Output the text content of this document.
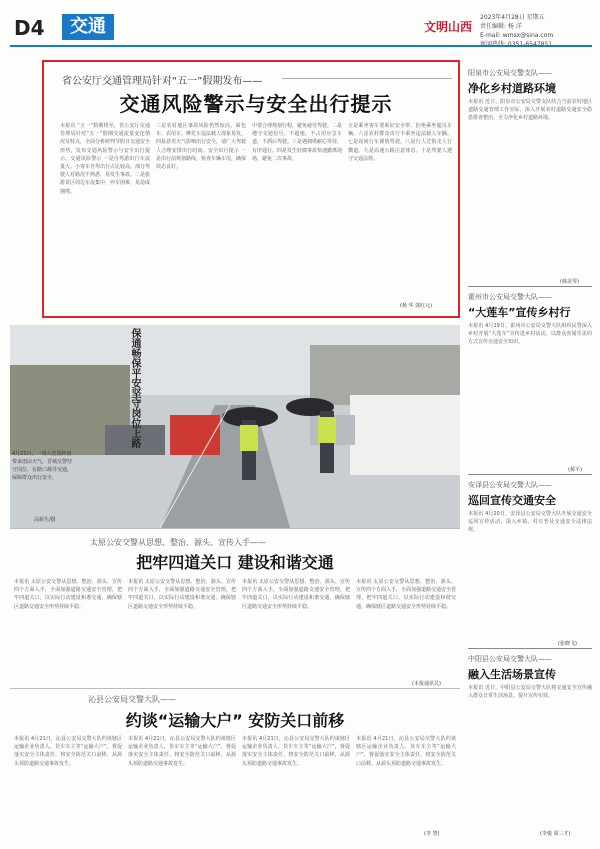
D4	交通	文明山西
2023年4月28日 星期五
责任编辑: 杨 洋
E-mail: wmsx@sina.com
省公安厅交通管理局针对“五一”假期发布——
交通风险警示与安全出行提示
本报讯 “五一”假期将至，省公安厅交通管理局针对“五一”假期交通流量变化情况及特点，全面分析研判节假日交通安全形势，发布交通风险警示与安全出行提示。交通风险警示 一是自驾游出行车流量大。小客车自驾出行占比较高，部分驾驶人对路况不熟悉，易发生事故。二是旅游景区周边车流集中，停车困难，易造成拥堵。
三是农村地区事故风险仍然较高。面包车、农用车、摩托车违法载人现象易发。四是恶劣天气影响出行安全，请广大驾驶人合理安排出行时间。安全出行提示 一是出行前规划路线，检查车辆车况，确保状态良好。
中要合理规划行程，避免疲劳驾驶。二是遵守交通信号，不超速、不占用应急车道、不酒后驾驶。三是遇拥堵耐心等待，有序通行。四是发生轻微事故快速撤离现场，避免二次事故。
五是乘坐客车要系好安全带，拒绝乘坐超员车辆。六是农村群众出行不乘坐违法载人车辆。七是夜间行车谨慎驾驶。八是行人过街走人行横道。九是高速公路注意休息。十是驾驶人遵守交通法规。
(杨 华 郭红元)
保通畅保平安坚守岗位上路
4月21日，一场大范围降雨带来雨凉天气，晋城交警坚守岗位，在路口疏导交通，保障群众出行安全。
高新生/摄
太原公安交警从思想、整治、源头、宣传入手——
把牢四道关口 建设和谐交通
本报讯 太原公安交警从思想、整治、源头、宣传四个方面入手，全面加强道路交通安全管理，把牢四道关口，以实际行动建设和谐交通，确保辖区道路交通安全形势持续平稳。
本报讯 太原公安交警从思想、整治、源头、宣传四个方面入手，全面加强道路交通安全管理，把牢四道关口，以实际行动建设和谐交通，确保辖区道路交通安全形势持续平稳。
本报讯 太原公安交警从思想、整治、源头、宣传四个方面入手，全面加强道路交通安全管理，把牢四道关口，以实际行动建设和谐交通，确保辖区道路交通安全形势持续平稳。
本报讯 太原公安交警从思想、整治、源头、宣传四个方面入手，全面加强道路交通安全管理，把牢四道关口，以实际行动建设和谐交通，确保辖区道路交通安全形势持续平稳。
(本报通讯员)
沁县公安局交警大队——
约谈“运输大户” 安防关口前移
本报讯 4月21日，沁县公安局交警大队约谈辖区运输企业负责人、货车车主等“运输大户”，督促落实安全主体责任，将安全防范关口前移，从源头预防道路交通事故发生。
本报讯 4月21日，沁县公安局交警大队约谈辖区运输企业负责人、货车车主等“运输大户”，督促落实安全主体责任，将安全防范关口前移，从源头预防道路交通事故发生。
本报讯 4月21日，沁县公安局交警大队约谈辖区运输企业负责人、货车车主等“运输大户”，督促落实安全主体责任，将安全防范关口前移，从源头预防道路交通事故发生。
本报讯 4月21日，沁县公安局交警大队约谈辖区运输企业负责人、货车车主等“运输大户”，督促落实安全主体责任，将安全防范关口前移，从源头预防道路交通事故发生。
(李 慧)
阳泉市公安局交警支队——
净化乡村道路环境
本报讯 近日，阳泉市公安局交警支队结合当前农村地区道路交通管理工作实际，深入开展农村道路交通安全隐患排查整治，全力净化乡村道路环境。
(韩美琴)
霍州市公安局交警大队——
“大莲车”宣传乡村行
本报讯 4月19日，霍州市公安局交警大队组织民警深入乡村开展“大莲车”宣传进乡村活动，以群众喜闻乐见的方式宣传交通安全知识。
(郝平)
安泽县公安局交警大队——
巡回宣传交通安全
本报讯 4月20日，安泽县公安局交警大队开展交通安全巡回宣传活动，深入乡镇、村庄普及交通安全法律法规。
(张晓飞)
中阳县公安局交警大队——
融入生活场景宣传
本报讯 近日，中阳县公安局交警大队将交通安全宣传融入群众日常生活场景，提升宣传实效。
(李俊 周三才)
